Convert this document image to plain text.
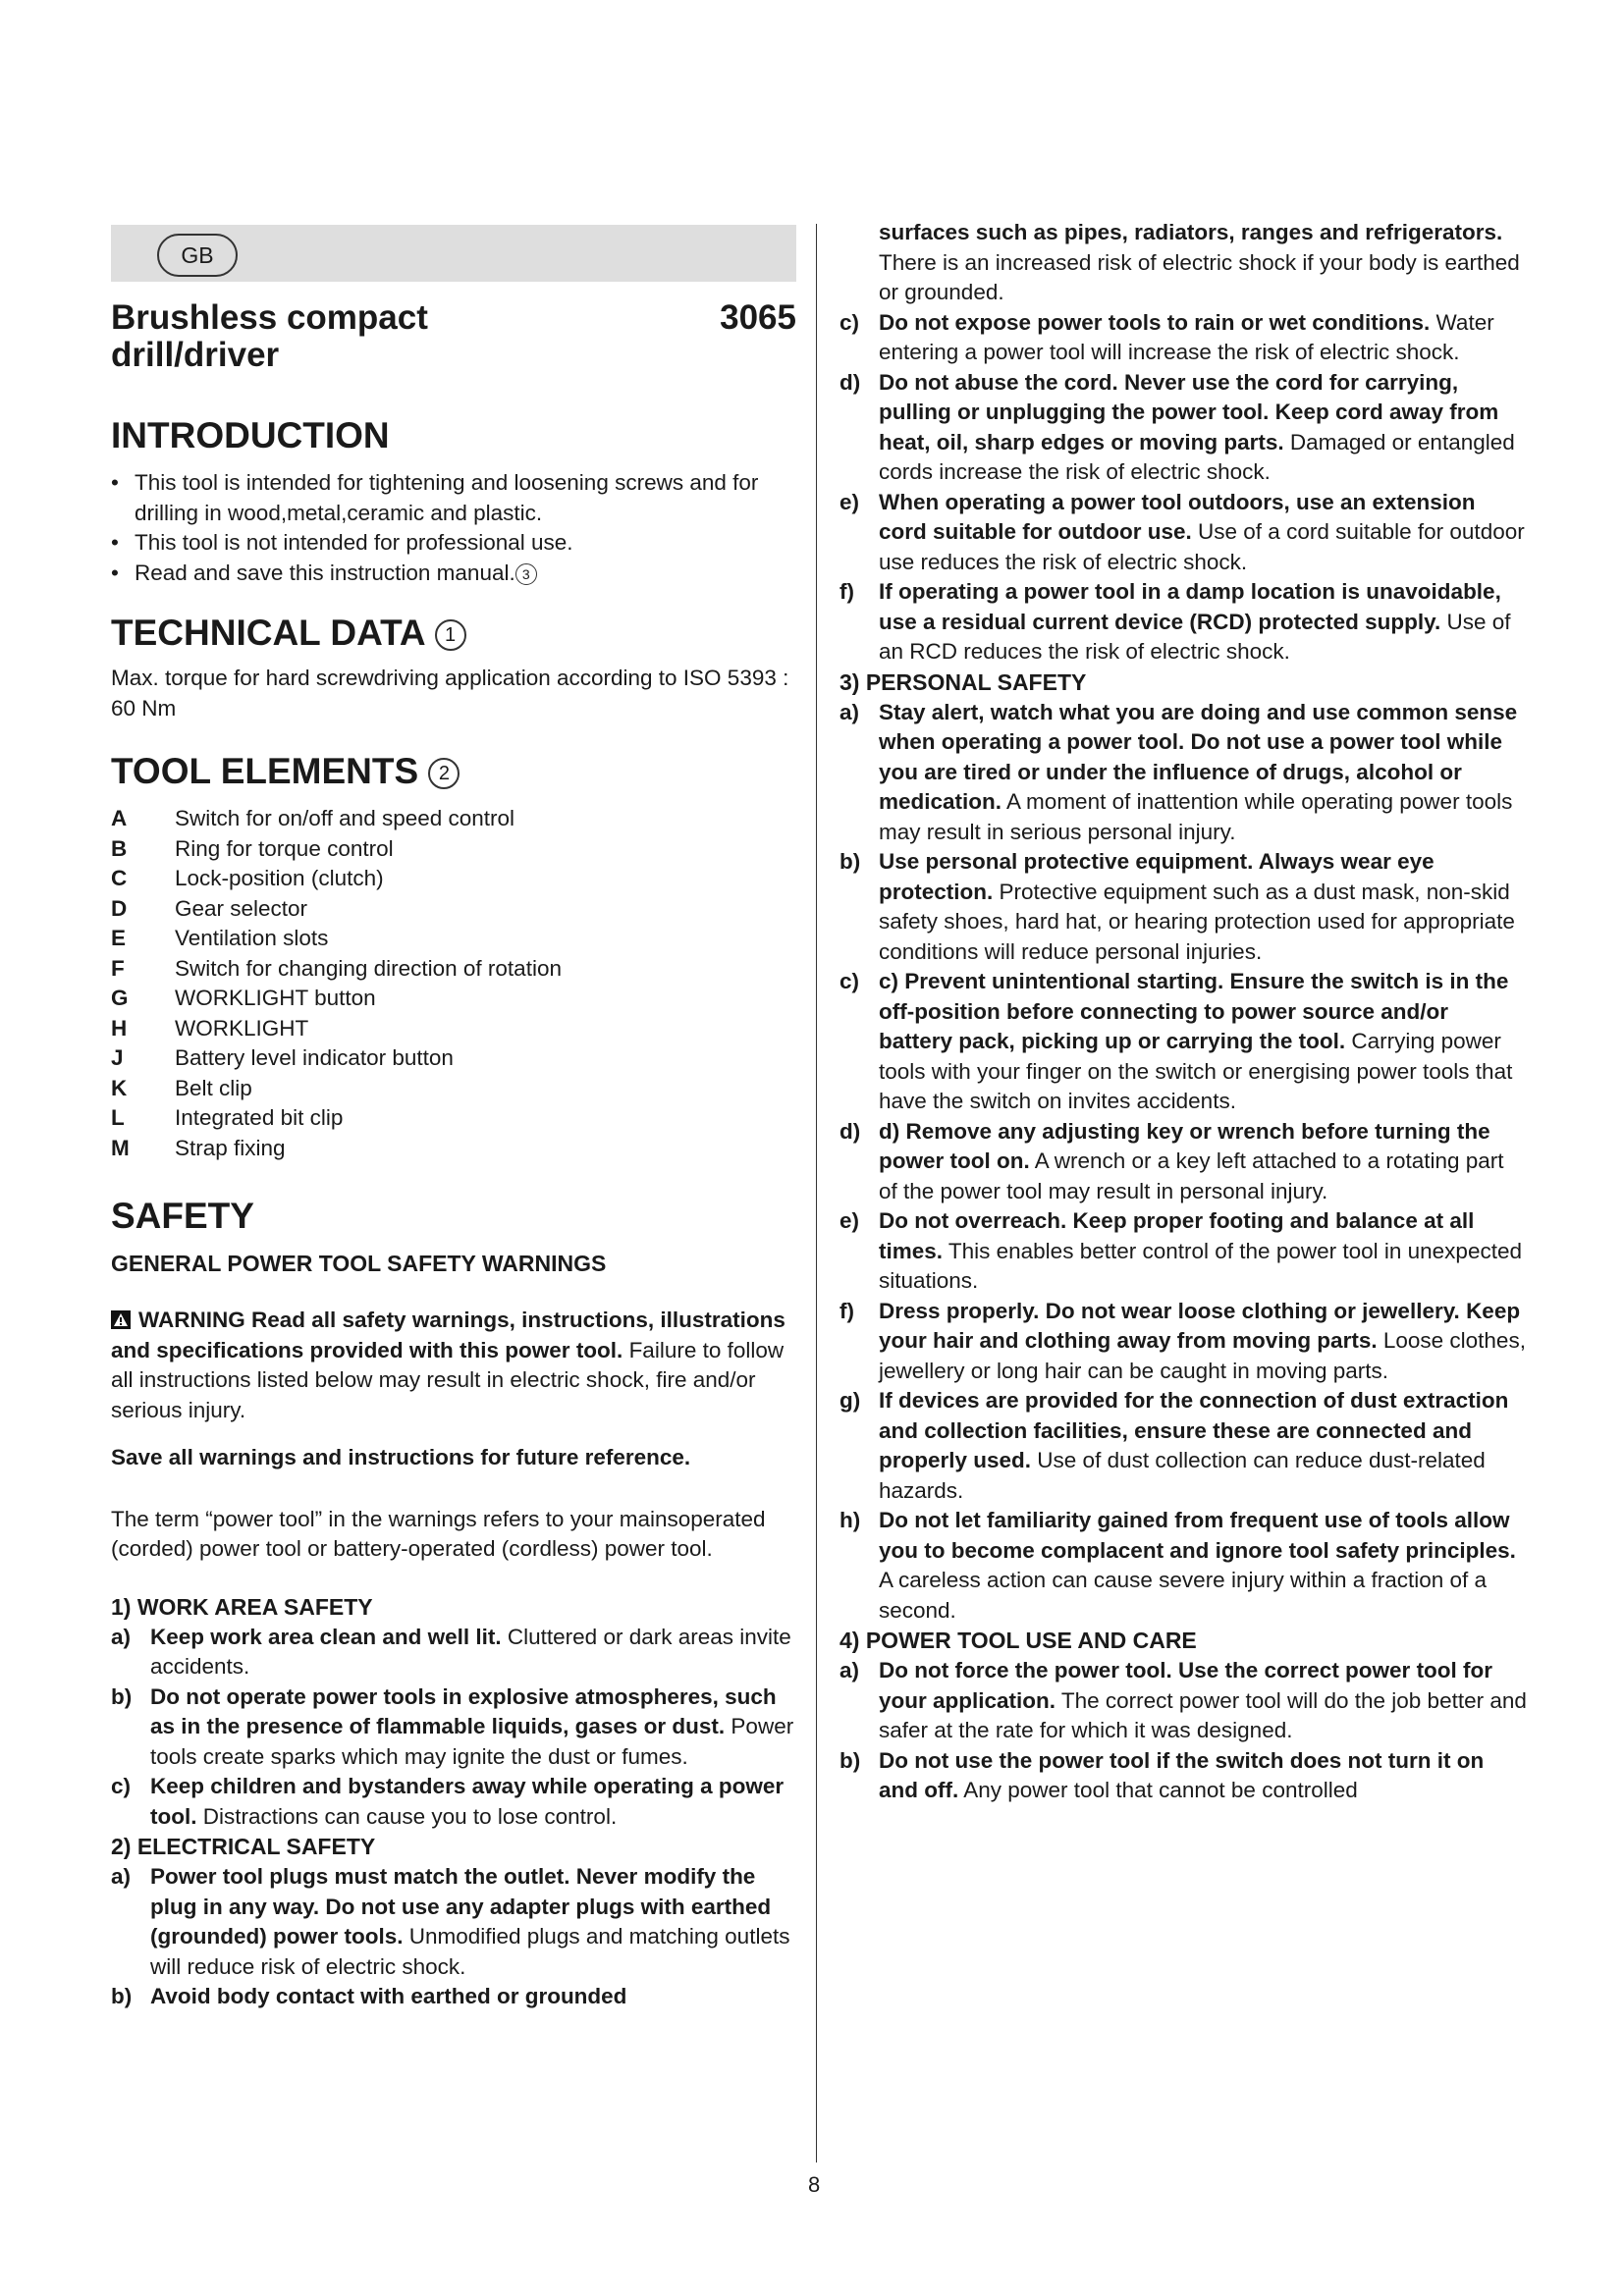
GB
Brushless compact drill/driver
3065
INTRODUCTION
• This tool is intended for tightening and loosening screws and for drilling in wood,metal,ceramic and plastic.
• This tool is not intended for professional use.
• Read and save this instruction manual. 3
TECHNICAL DATA 1

Max. torque for hard screwdriving application according to ISO 5393 : 60 Nm

TOOL ELEMENTS 2
A	Switch for on/off and speed control
B	Ring for torque control
C	Lock-position (clutch)
D	Gear selector
E	Ventilation slots
F	Switch for changing direction of rotation
G	WORKLIGHT button
H	WORKLIGHT
J	Battery level indicator button
K	Belt clip
L	Integrated bit clip
M	Strap fixing
SAFETY
GENERAL POWER TOOL SAFETY WARNINGS

WARNING Read all safety warnings, instructions, illustrations and specifications provided with this power tool. Failure to follow all instructions listed below may result in electric shock, fire and/or serious injury.

Save all warnings and instructions for future reference.

The term “power tool” in the warnings refers to your mainsoperated (corded) power tool or battery-operated (cordless) power tool.

1) WORK AREA SAFETY
a) Keep work area clean and well lit. Cluttered or dark areas invite accidents.
b) Do not operate power tools in explosive atmospheres, such as in the presence of flammable liquids, gases or dust. Power tools create sparks which may ignite the dust or fumes.
c) Keep children and bystanders away while operating a power tool. Distractions can cause you to lose control.
2) ELECTRICAL SAFETY
a) Power tool plugs must match the outlet. Never modify the plug in any way. Do not use any adapter plugs with earthed (grounded) power tools. Unmodified plugs and matching outlets will reduce risk of electric shock.
b) Avoid body contact with earthed or grounded
surfaces such as pipes, radiators, ranges and refrigerators. There is an increased risk of electric shock if your body is earthed or grounded.
c) Do not expose power tools to rain or wet conditions. Water entering a power tool will increase the risk of electric shock.
d) Do not abuse the cord. Never use the cord for carrying, pulling or unplugging the power tool. Keep cord away from heat, oil, sharp edges or moving parts. Damaged or entangled cords increase the risk of electric shock.
e) When operating a power tool outdoors, use an extension cord suitable for outdoor use. Use of a cord suitable for outdoor use reduces the risk of electric shock.
f)	If operating a power tool in a damp location is unavoidable, use a residual current device (RCD) protected supply. Use of an RCD reduces the risk of electric shock.
3) PERSONAL SAFETY
a) Stay alert, watch what you are doing and use common sense when operating a power tool. Do not use a power tool while you are tired or under the influence of drugs, alcohol or medication. A moment of inattention while operating power tools may result in serious personal injury.
b) Use personal protective equipment. Always wear eye protection. Protective equipment such as a dust mask, non-skid safety shoes, hard hat, or hearing protection used for appropriate conditions will reduce personal injuries.
c) c) Prevent unintentional starting. Ensure the switch is in the off-position before connecting to power source and/or battery pack, picking up or carrying the tool. Carrying power tools with your finger on the switch or energising power tools that have the switch on invites accidents.
d) d) Remove any adjusting key or wrench before turning the power tool on. A wrench or a key left attached to a rotating part of the power tool may result in personal injury.
e) Do not overreach. Keep proper footing and balance at all times. This enables better control of the power tool in unexpected situations.
f)	Dress properly. Do not wear loose clothing or jewellery. Keep your hair and clothing away from moving parts. Loose clothes, jewellery or long hair can be caught in moving parts.
g) If devices are provided for the connection of dust extraction and collection facilities, ensure these are connected and properly used. Use of dust collection can reduce dust-related hazards.
h) Do not let familiarity gained from frequent use of tools allow you to become complacent and ignore tool safety principles. A careless action can cause severe injury within a fraction of a second.
4) POWER TOOL USE AND CARE
a) Do not force the power tool. Use the correct power tool for your application. The correct power tool will do the job better and safer at the rate for which it was designed.
b) Do not use the power tool if the switch does not turn it on and off. Any power tool that cannot be controlled
8
